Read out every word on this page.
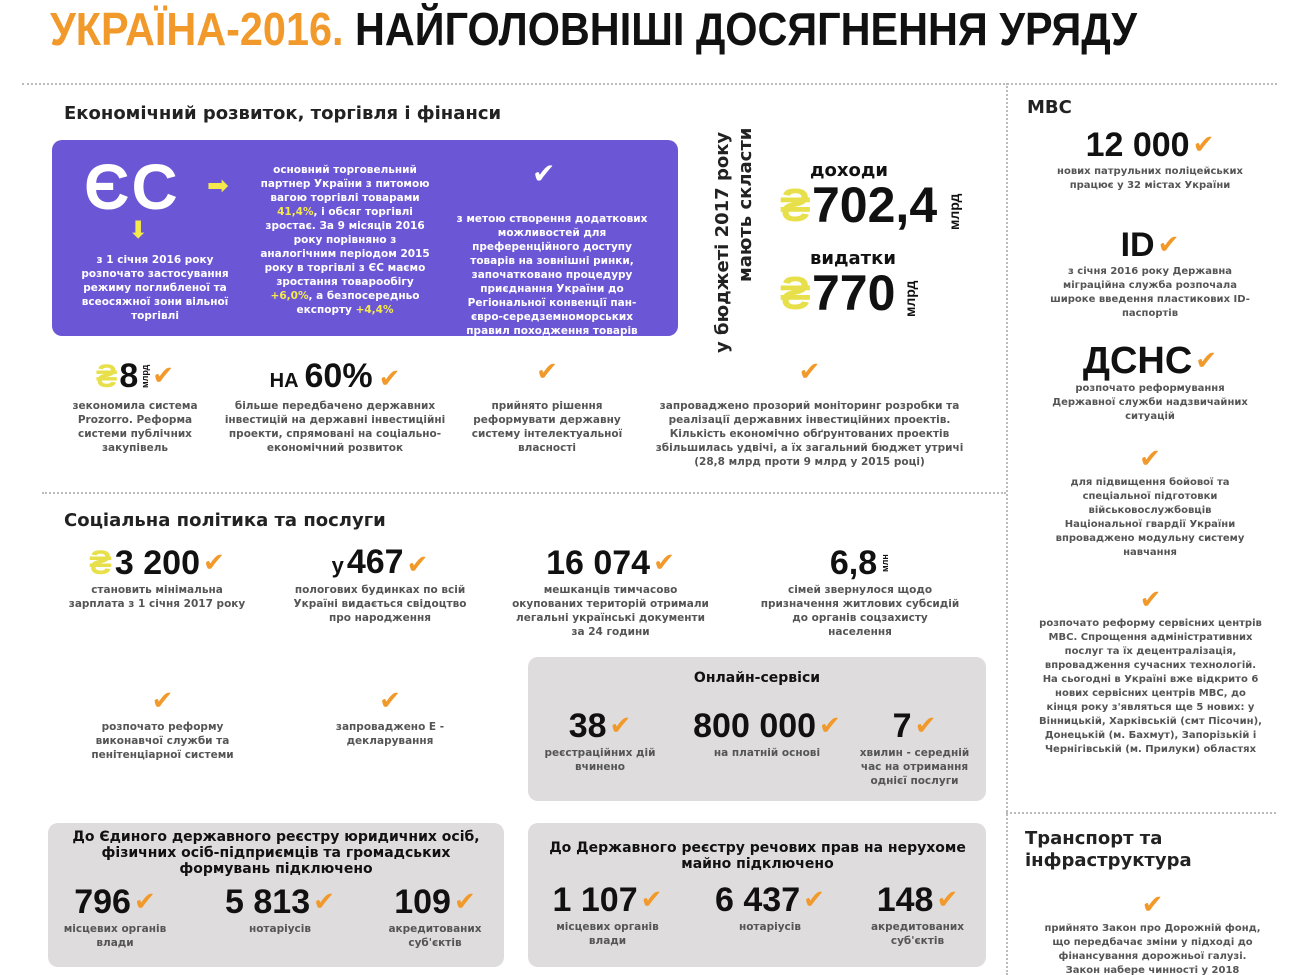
УКРАЇНА-2016. НАЙГОЛОВНІШІ ДОСЯГНЕННЯ УРЯДУ
Економічний розвиток, торгівля і фінанси
ЄС ➡
⬇
з 1 січня 2016 року розпочато застосування режиму поглибленої та всеосяжної зони вільної торгівлі
основний торговельний партнер України з питомою вагою торгівлі товарами 41,4%, і обсяг торгівлі зростає. За 9 місяців 2016 року порівняно з аналогічним періодом 2015 року в торгівлі з ЄС маємо зростання товарообігу +6,0%, а безпосередньо експорту +4,4%
✔
з метою створення додаткових можливостей для преференційного доступу товарів на зовнішні ринки, започатковано процедуру приєднання України до Регіональної конвенції пан-євро-середземноморських правил походження товарів	у бюджеті 2017 року мають скласти	доходи
₴ 702,4 млрд
видатки
₴ 770 млрд
₴ 8 млрд ✔
зекономила система Prozorro. Реформа системи публічних закупівель
НА 60% ✔
більше передбачено державних інвестицій на державні інвестиційні проекти, спрямовані на соціально-економічний розвиток
✔
прийнято рішення реформувати державну систему інтелектуальної власності
✔
запроваджено прозорий моніторинг розробки та реалізації державних інвестиційних проектів. Кількість економічно обґрунтованих проектів збільшилась удвічі, а їх загальний бюджет утричі (28,8 млрд проти 9 млрд у 2015 році)
Соціальна політика та послуги
₴ 3 200 ✔
становить мінімальна зарплата з 1 січня 2017 року
у 467 ✔
пологових будинках по всій Україні видається свідоцтво про народження
16 074 ✔
мешканців тимчасово окупованих територій отримали легальні українські документи за 24 години
6,8 млн
сімей звернулося щодо призначення житлових субсидій до органів соцзахисту населення
✔
розпочато реформу виконавчої служби та пенітенціарної системи
✔
запроваджено Е - декларування
Онлайн-сервіси
38 ✔
реєстраційних дій вчинено
800 000 ✔
на платній основі
7 ✔
хвилин - середній час на отримання однієї послуги
До Єдиного державного реєстру юридичних осіб, фізичних осіб-підприємців та громадських формувань підключено
796 ✔
місцевих органів влади
5 813 ✔
нотаріусів
109 ✔
акредитованих суб'єктів
До Державного реєстру речових прав на нерухоме майно підключено
1 107 ✔
місцевих органів влади
6 437 ✔
нотаріусів
148 ✔
акредитованих суб'єктів
МВС
12 000 ✔
нових патрульних поліцейських працює у 32 містах України
ID ✔
з січня 2016 року Державна міграційна служба розпочала широке введення пластикових ID-паспортів
ДСНС ✔
розпочато реформування Державної служби надзвичайних ситуацій
✔
для підвищення бойової та спеціальної підготовки військовослужбовців Національної гвардії України впроваджено модульну систему навчання
✔
розпочато реформу сервісних центрів МВС. Спрощення адміністративних послуг та їх децентралізація, впровадження сучасних технологій. На сьогодні в Україні вже відкрито 6 нових сервісних центрів МВС, до кінця року з'являться ще 5 нових: у Вінницькій, Харківській (смт Пісочин), Донецькій (м. Бахмут), Запорізькій і Чернігівській (м. Прилуки) областях
Транспорт та інфраструктура
✔
прийнято Закон про Дорожній фонд, що передбачає зміни у підході до фінансування дорожньої галузі. Закон набере чинності у 2018
